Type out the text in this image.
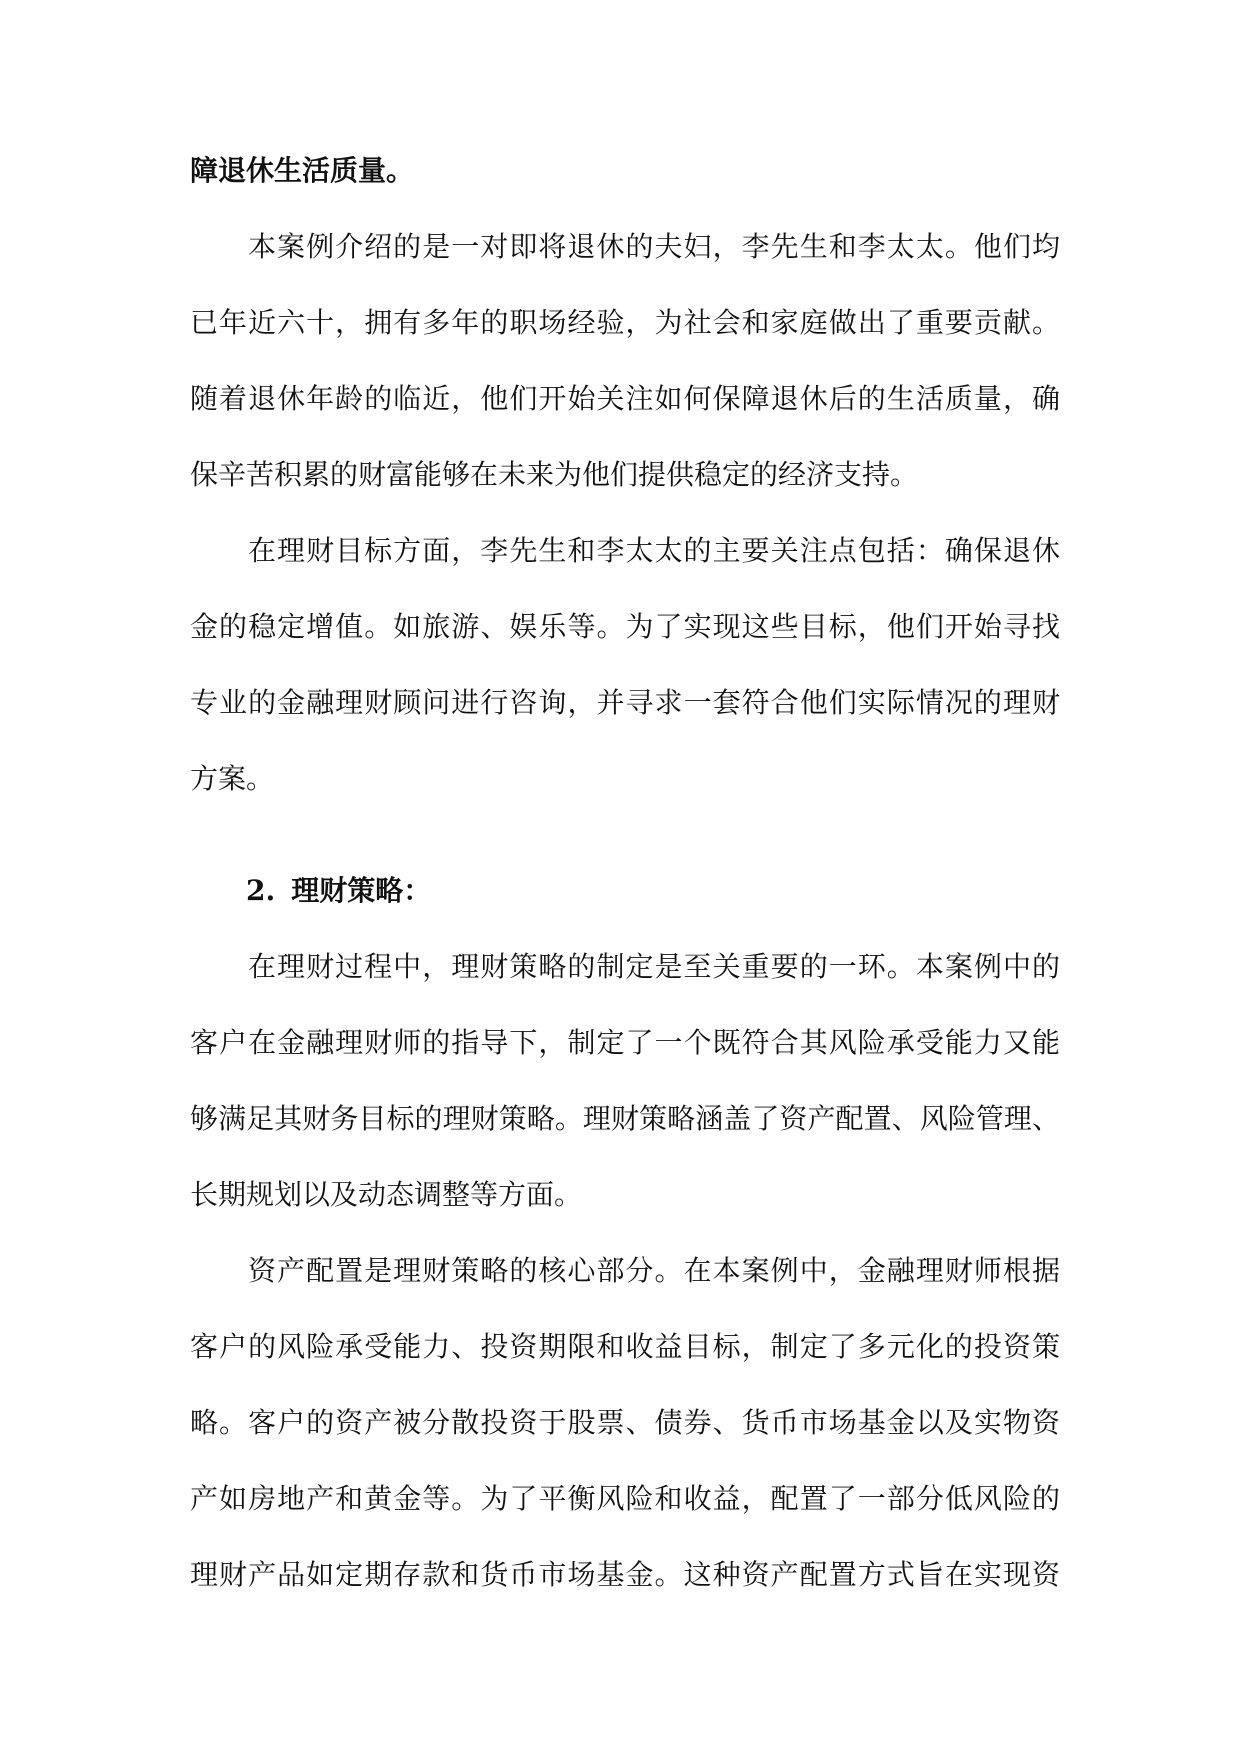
障退休生活质量。
本案例介绍的是一对即将退休的夫妇，李先生和李太太。他们均
已年近六十，拥有多年的职场经验，为社会和家庭做出了重要贡献。
随着退休年龄的临近，他们开始关注如何保障退休后的生活质量，确
保辛苦积累的财富能够在未来为他们提供稳定的经济支持。
在理财目标方面，李先生和李太太的主要关注点包括：确保退休
金的稳定增值。如旅游、娱乐等。为了实现这些目标，他们开始寻找
专业的金融理财顾问进行咨询，并寻求一套符合他们实际情况的理财
方案。
2. 理财策略：
在理财过程中，理财策略的制定是至关重要的一环。本案例中的
客户在金融理财师的指导下，制定了一个既符合其风险承受能力又能
够满足其财务目标的理财策略。理财策略涵盖了资产配置、风险管理、
长期规划以及动态调整等方面。
资产配置是理财策略的核心部分。在本案例中，金融理财师根据
客户的风险承受能力、投资期限和收益目标，制定了多元化的投资策
略。客户的资产被分散投资于股票、债券、货币市场基金以及实物资
产如房地产和黄金等。为了平衡风险和收益，配置了一部分低风险的
理财产品如定期存款和货币市场基金。这种资产配置方式旨在实现资
